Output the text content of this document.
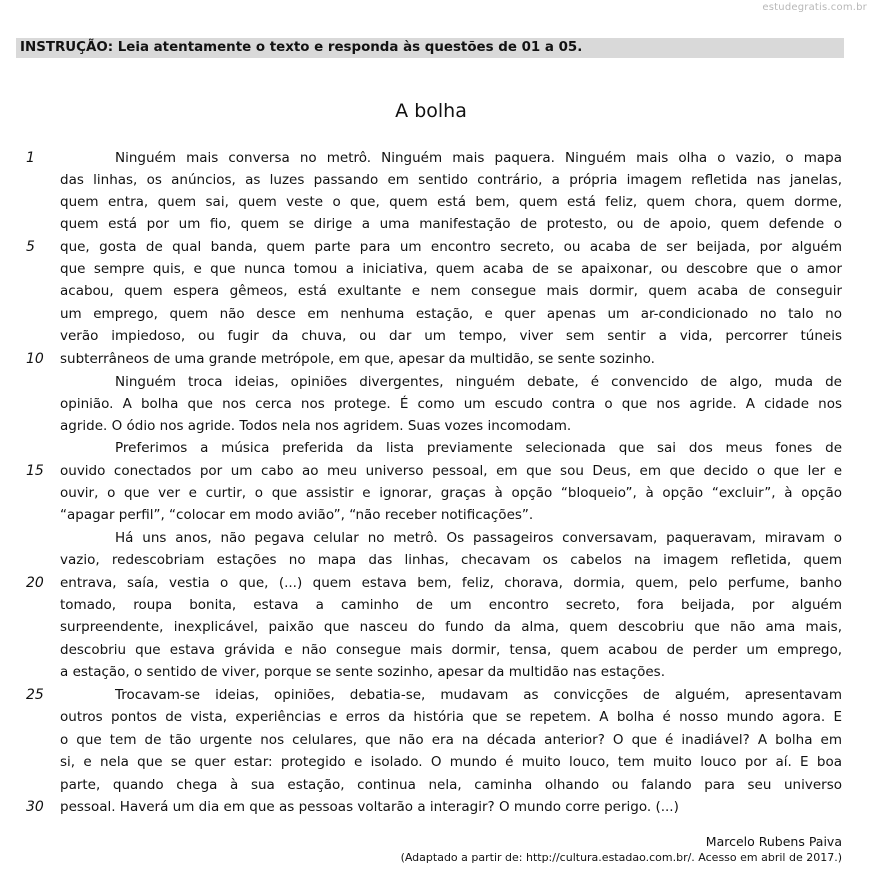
estudegratis.com.br
INSTRUÇÃO: Leia atentamente o texto e responda às questões de 01 a 05.
A bolha
1
5
10
15
20
25
30
Ninguém mais conversa no metrô. Ninguém mais paquera. Ninguém mais olha o vazio, o mapa
das linhas, os anúncios, as luzes passando em sentido contrário, a própria imagem refletida nas janelas,
quem entra, quem sai, quem veste o que, quem está bem, quem está feliz, quem chora, quem dorme,
quem está por um fio, quem se dirige a uma manifestação de protesto, ou de apoio, quem defende o
que, gosta de qual banda, quem parte para um encontro secreto, ou acaba de ser beijada, por alguém
que sempre quis, e que nunca tomou a iniciativa, quem acaba de se apaixonar, ou descobre que o amor
acabou, quem espera gêmeos, está exultante e nem consegue mais dormir, quem acaba de conseguir
um emprego, quem não desce em nenhuma estação, e quer apenas um ar-condicionado no talo no
verão impiedoso, ou fugir da chuva, ou dar um tempo, viver sem sentir a vida, percorrer túneis
subterrâneos de uma grande metrópole, em que, apesar da multidão, se sente sozinho.
Ninguém troca ideias, opiniões divergentes, ninguém debate, é convencido de algo, muda de
opinião. A bolha que nos cerca nos protege. É como um escudo contra o que nos agride. A cidade nos
agride. O ódio nos agride. Todos nela nos agridem. Suas vozes incomodam.
Preferimos a música preferida da lista previamente selecionada que sai dos meus fones de
ouvido conectados por um cabo ao meu universo pessoal, em que sou Deus, em que decido o que ler e
ouvir, o que ver e curtir, o que assistir e ignorar, graças à opção “bloqueio”, à opção “excluir”, à opção
“apagar perfil”, “colocar em modo avião”, “não receber notificações”.
Há uns anos, não pegava celular no metrô. Os passageiros conversavam, paqueravam, miravam o
vazio, redescobriam estações no mapa das linhas, checavam os cabelos na imagem refletida, quem
entrava, saía, vestia o que, (...) quem estava bem, feliz, chorava, dormia, quem, pelo perfume, banho
tomado, roupa bonita, estava a caminho de um encontro secreto, fora beijada, por alguém
surpreendente, inexplicável, paixão que nasceu do fundo da alma, quem descobriu que não ama mais,
descobriu que estava grávida e não consegue mais dormir, tensa, quem acabou de perder um emprego,
a estação, o sentido de viver, porque se sente sozinho, apesar da multidão nas estações.
Trocavam-se ideias, opiniões, debatia-se, mudavam as convicções de alguém, apresentavam
outros pontos de vista, experiências e erros da história que se repetem. A bolha é nosso mundo agora. E
o que tem de tão urgente nos celulares, que não era na década anterior? O que é inadiável? A bolha em
si, e nela que se quer estar: protegido e isolado. O mundo é muito louco, tem muito louco por aí. E boa
parte, quando chega à sua estação, continua nela, caminha olhando ou falando para seu universo
pessoal. Haverá um dia em que as pessoas voltarão a interagir? O mundo corre perigo. (...)
Marcelo Rubens Paiva
(Adaptado a partir de: http://cultura.estadao.com.br/. Acesso em abril de 2017.)
